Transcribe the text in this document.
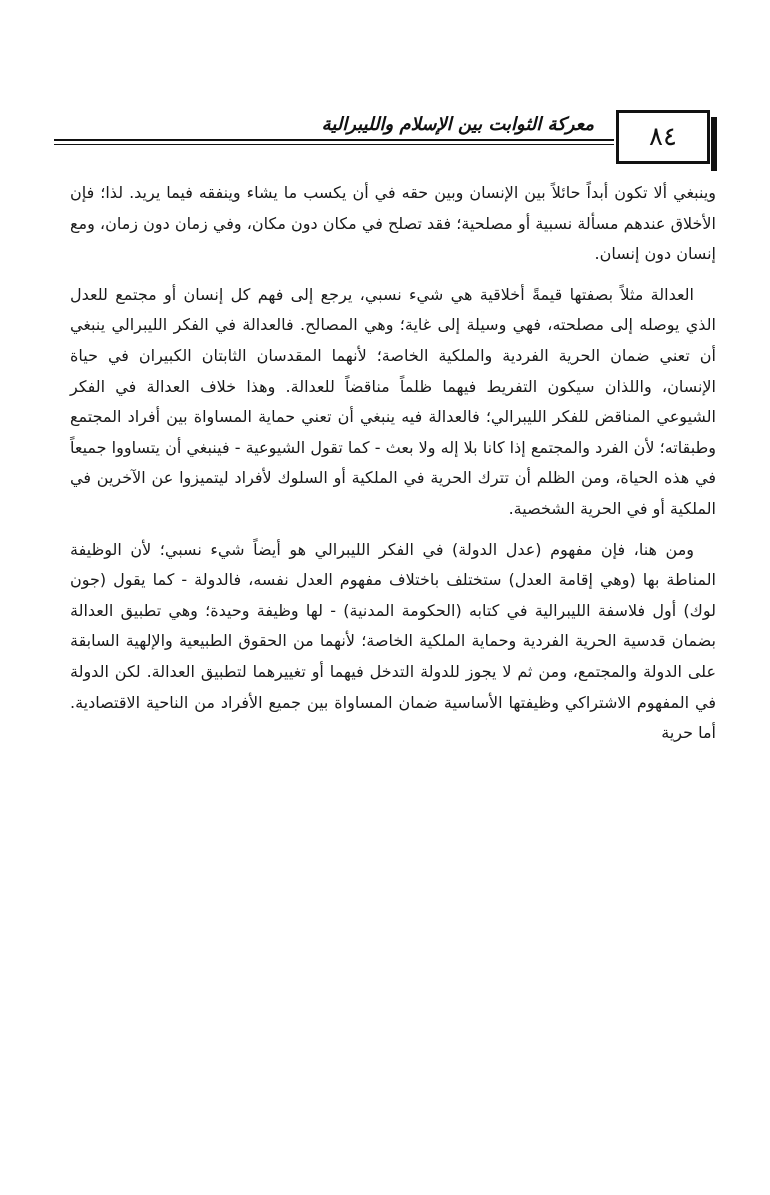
معركة الثوابت بين الإسلام والليبرالية	٨٤

وينبغي ألا تكون أبداً حائلاً بين الإنسان وبين حقه في أن يكسب ما يشاء وينفقه فيما يريد. لذا؛ فإن الأخلاق عندهم مسألة نسبية أو مصلحية؛ فقد تصلح في مكان دون مكان، وفي زمان دون زمان، ومع إنسان دون إنسان.

العدالة مثلاً بصفتها قيمةً أخلاقية هي شيء نسبي، يرجع إلى فهم كل إنسان أو مجتمع للعدل الذي يوصله إلى مصلحته، فهي وسيلة إلى غاية؛ وهي المصالح. فالعدالة في الفكر الليبرالي ينبغي أن تعني ضمان الحرية الفردية والملكية الخاصة؛ لأنهما المقدسان الثابتان الكبيران في حياة الإنسان، واللذان سيكون التفريط فيهما ظلماً مناقضاً للعدالة. وهذا خلاف العدالة في الفكر الشيوعي المناقض للفكر الليبرالي؛ فالعدالة فيه ينبغي أن تعني حماية المساواة بين أفراد المجتمع وطبقاته؛ لأن الفرد والمجتمع إذا كانا بلا إله ولا بعث - كما تقول الشيوعية - فينبغي أن يتساووا جميعاً في هذه الحياة، ومن الظلم أن تترك الحرية في الملكية أو السلوك لأفراد ليتميزوا عن الآخرين في الملكية أو في الحرية الشخصية.

ومن هنا، فإن مفهوم (عدل الدولة) في الفكر الليبرالي هو أيضاً شيء نسبي؛ لأن الوظيفة المناطة بها (وهي إقامة العدل) ستختلف باختلاف مفهوم العدل نفسه، فالدولة - كما يقول (جون لوك) أول فلاسفة الليبرالية في كتابه (الحكومة المدنية) - لها وظيفة وحيدة؛ وهي تطبيق العدالة بضمان قدسية الحرية الفردية وحماية الملكية الخاصة؛ لأنهما من الحقوق الطبيعية والإلهية السابقة على الدولة والمجتمع، ومن ثم لا يجوز للدولة التدخل فيهما أو تغييرهما لتطبيق العدالة. لكن الدولة في المفهوم الاشتراكي وظيفتها الأساسية ضمان المساواة بين جميع الأفراد من الناحية الاقتصادية. أما حرية
